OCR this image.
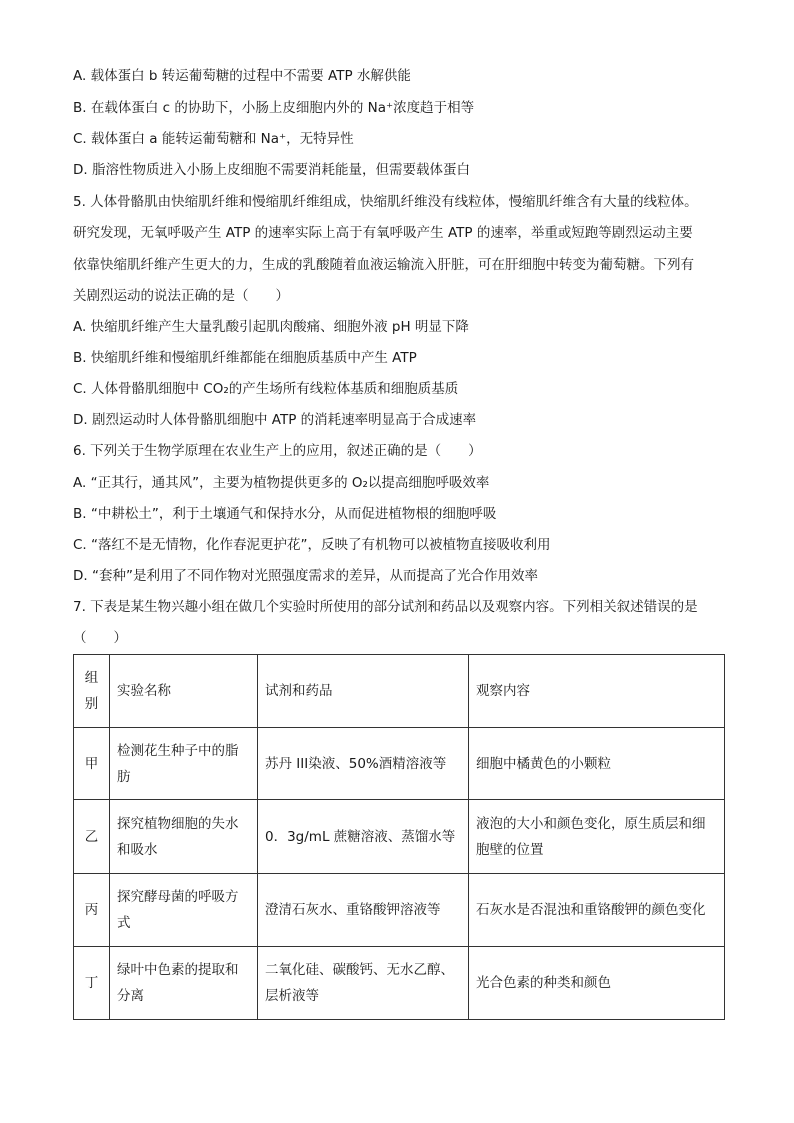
A. 载体蛋白 b 转运葡萄糖的过程中不需要 ATP 水解供能
B. 在载体蛋白 c 的协助下，小肠上皮细胞内外的 Na⁺浓度趋于相等
C. 载体蛋白 a 能转运葡萄糖和 Na⁺，无特异性
D. 脂溶性物质进入小肠上皮细胞不需要消耗能量，但需要载体蛋白
5. 人体骨骼肌由快缩肌纤维和慢缩肌纤维组成，快缩肌纤维没有线粒体，慢缩肌纤维含有大量的线粒体。
研究发现，无氧呼吸产生 ATP 的速率实际上高于有氧呼吸产生 ATP 的速率，举重或短跑等剧烈运动主要
依靠快缩肌纤维产生更大的力，生成的乳酸随着血液运输流入肝脏，可在肝细胞中转变为葡萄糖。下列有
关剧烈运动的说法正确的是（　　）
A. 快缩肌纤维产生大量乳酸引起肌肉酸痛、细胞外液 pH 明显下降
B. 快缩肌纤维和慢缩肌纤维都能在细胞质基质中产生 ATP
C. 人体骨骼肌细胞中 CO₂的产生场所有线粒体基质和细胞质基质
D. 剧烈运动时人体骨骼肌细胞中 ATP 的消耗速率明显高于合成速率
6. 下列关于生物学原理在农业生产上的应用，叙述正确的是（　　）
A. “正其行，通其风”，主要为植物提供更多的 O₂以提高细胞呼吸效率
B. “中耕松土”，利于土壤通气和保持水分，从而促进植物根的细胞呼吸
C. “落红不是无情物，化作春泥更护花”，反映了有机物可以被植物直接吸收利用
D. “套种”是利用了不同作物对光照强度需求的差异，从而提高了光合作用效率
7. 下表是某生物兴趣小组在做几个实验时所使用的部分试剂和药品以及观察内容。下列相关叙述错误的是
（　　）
组别	实验名称	试剂和药品	观察内容
甲	检测花生种子中的脂肪	苏丹 III染液、50%酒精溶液等	细胞中橘黄色的小颗粒
乙	探究植物细胞的失水和吸水	0．3g/mL 蔗糖溶液、蒸馏水等	液泡的大小和颜色变化，原生质层和细胞壁的位置
丙	探究酵母菌的呼吸方式	澄清石灰水、重铬酸钾溶液等	石灰水是否混浊和重铬酸钾的颜色变化
丁	绿叶中色素的提取和分离	二氧化硅、碳酸钙、无水乙醇、层析液等	光合色素的种类和颜色
